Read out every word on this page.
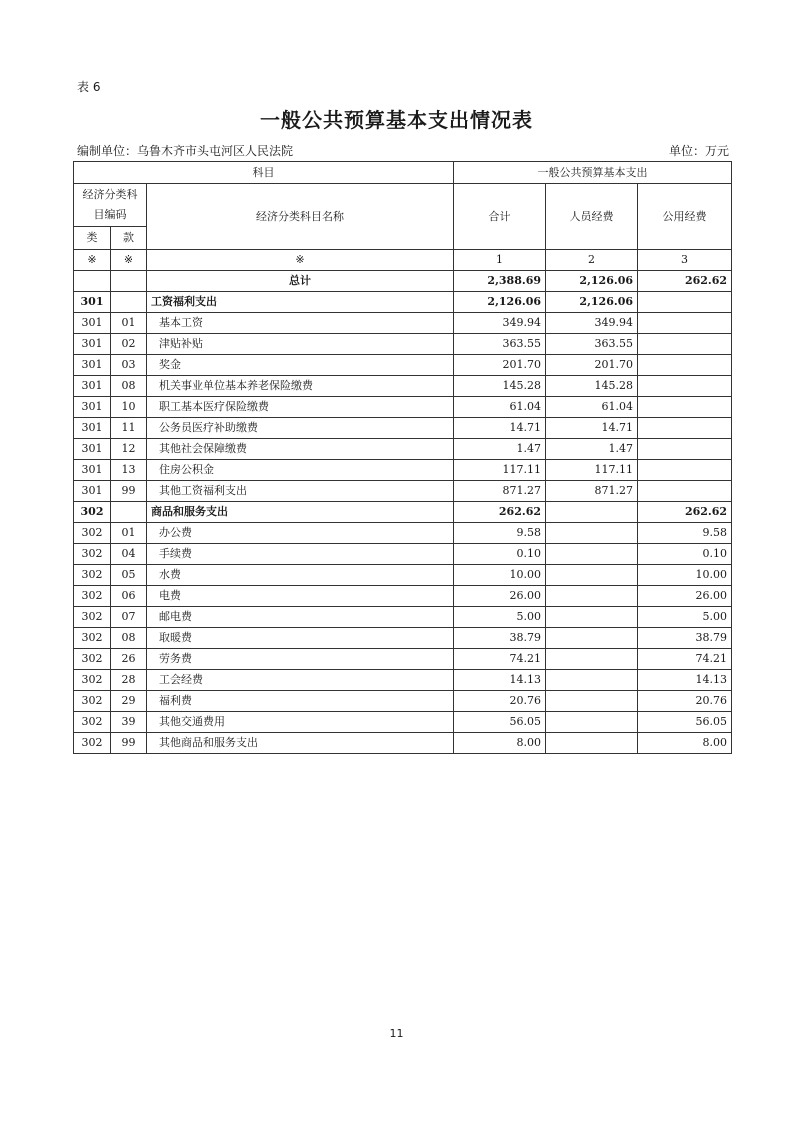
表 6
一般公共预算基本支出情况表
编制单位：乌鲁木齐市头屯河区人民法院	单位：万元
科目			一般公共预算基本支出		
经济分类科目编码		经济分类科目名称	合计	人员经费	公用经费
类	款				
※	※	※	1	2	3
		总计	2,388.69	2,126.06	262.62
301		工资福利支出	2,126.06	2,126.06	
301	01	基本工资	349.94	349.94	
301	02	津贴补贴	363.55	363.55	
301	03	奖金	201.70	201.70	
301	08	机关事业单位基本养老保险缴费	145.28	145.28	
301	10	职工基本医疗保险缴费	61.04	61.04	
301	11	公务员医疗补助缴费	14.71	14.71	
301	12	其他社会保障缴费	1.47	1.47	
301	13	住房公积金	117.11	117.11	
301	99	其他工资福利支出	871.27	871.27	
302		商品和服务支出	262.62		262.62
302	01	办公费	9.58		9.58
302	04	手续费	0.10		0.10
302	05	水费	10.00		10.00
302	06	电费	26.00		26.00
302	07	邮电费	5.00		5.00
302	08	取暖费	38.79		38.79
302	26	劳务费	74.21		74.21
302	28	工会经费	14.13		14.13
302	29	福利费	20.76		20.76
302	39	其他交通费用	56.05		56.05
302	99	其他商品和服务支出	8.00		8.00
11
